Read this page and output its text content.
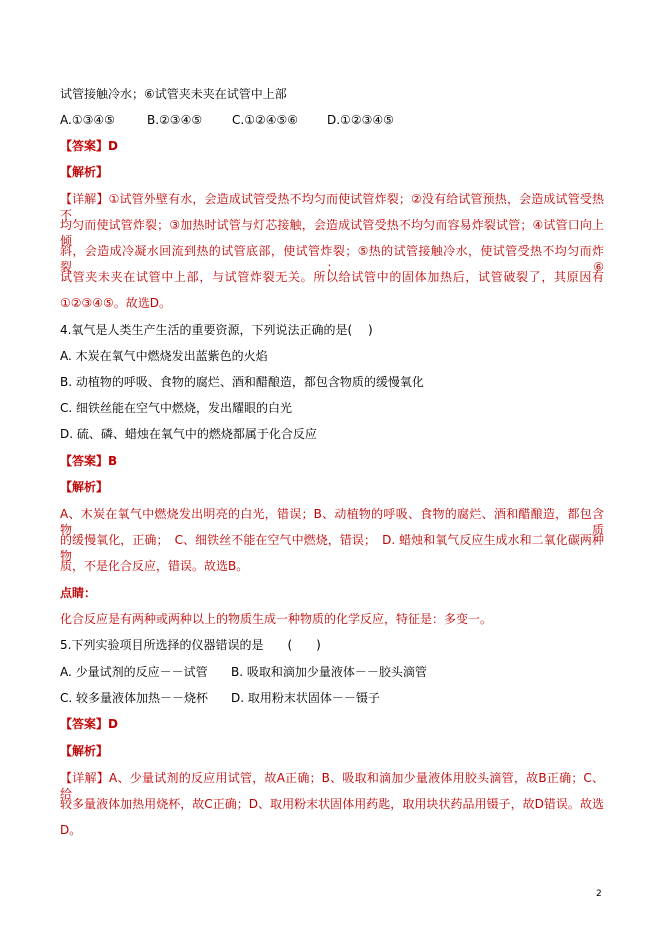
试管接触冷水；⑥试管夹未夹在试管中上部
A.①③④⑤	B.②③④⑤ C.①②④⑤⑥ D.①②③④⑤
【答案】D
【解析】
【详解】①试管外壁有水，会造成试管受热不均匀而使试管炸裂；②没有给试管预热，会造成试管受热不
均匀而使试管炸裂；③加热时试管与灯芯接触，会造成试管受热不均匀而容易炸裂试管；④试管口向上倾
斜，会造成冷凝水回流到热的试管底部，使试管炸裂；⑤热的试管接触冷水，使试管受热不均匀而炸裂；⑥
试管夹未夹在试管中上部，与试管炸裂无关。所以给试管中的固体加热后，试管破裂了，其原因有
①②③④⑤。故选D。
4.氧气是人类生产生活的重要资源，下列说法正确的是(　 )
A. 木炭在氧气中燃烧发出蓝紫色的火焰
B. 动植物的呼吸、食物的腐烂、酒和醋酿造，都包含物质的缓慢氧化
C. 细铁丝能在空气中燃烧，发出耀眼的白光
D. 硫、磷、蜡烛在氧气中的燃烧都属于化合反应
【答案】B
【解析】
A、木炭在氧气中燃烧发出明亮的白光，错误；B、动植物的呼吸、食物的腐烂、酒和醋酿造，都包含物质
的缓慢氧化，正确；　C、细铁丝不能在空气中燃烧，错误；　D. 蜡烛和氧气反应生成水和二氧化碳两种物
质，不是化合反应，错误。故选B。
点睛：
化合反应是有两种或两种以上的物质生成一种物质的化学反应，特征是：多变一。
5.下列实验项目所选择的仪器错误的是　　(　　)
A. 少量试剂的反应－－试管 B. 吸取和滴加少量液体－－胶头滴管
C. 较多量液体加热－－烧杯 D. 取用粉末状固体－－镊子
【答案】D
【解析】
【详解】A、少量试剂的反应用试管，故A正确；B、吸取和滴加少量液体用胶头滴管，故B正确；C、给
较多量液体加热用烧杯，故C正确；D、取用粉末状固体用药匙，取用块状药品用镊子，故D错误。故选
D。
2
